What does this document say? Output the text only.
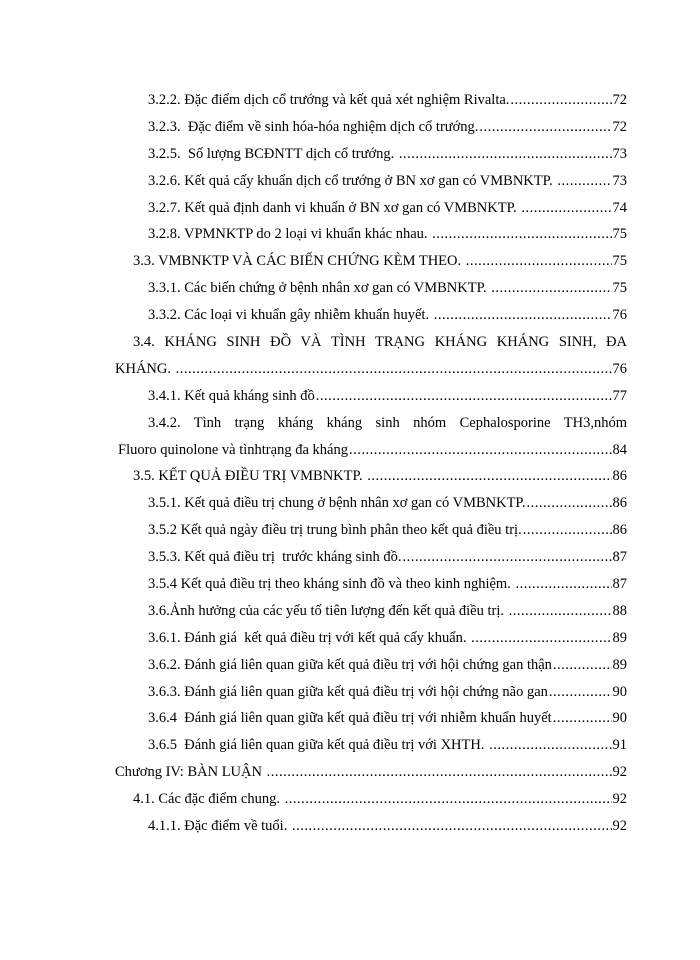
3.2.2. Đặc điểm dịch cổ trướng và kết quả xét nghiệm Rivalta. .....	72
3.2.3.  Đặc điểm về sinh hóa-hóa nghiệm dịch cổ trướng. .....	72
3.2.5.  Số lượng BCĐNTT dịch cổ trướng. .....	73
3.2.6. Kết quả cấy khuẩn dịch cổ trướng ở BN xơ gan có VMBNKTP. .....	73
3.2.7. Kết quả định danh vi khuẩn ở BN xơ gan có VMBNKTP. .....	74
3.2.8. VPMNKTP do 2 loại vi khuẩn khác nhau. .....	75
3.3. VMBNKTP VÀ CÁC BIẾN CHỨNG KÈM THEO. .....	75
3.3.1. Các biến chứng ở bệnh nhân xơ gan có VMBNKTP. .....	75
3.3.2. Các loại vi khuẩn gây nhiễm khuẩn huyết. .....	76
3.4. KHÁNG SINH ĐỒ VÀ TÌNH TRẠNG KHÁNG KHÁNG SINH, ĐA
KHÁNG. .....	76
3.4.1. Kết quả kháng sinh đồ .....	77
3.4.2. Tình trạng kháng kháng sinh nhóm Cephalosporine TH3,nhóm
Fluoro quinolone và tìnhtrạng đa kháng .....	84
3.5. KẾT QUẢ ĐIỀU TRỊ VMBNKTP. .....	86
3.5.1. Kết quả điều trị chung ở bệnh nhân xơ gan có VMBNKTP. .....	86
3.5.2 Kết quả ngày điều trị trung bình phân theo kết quả điều trị. .....	86
3.5.3. Kết quả điều trị  trước kháng sinh đồ. .....	87
3.5.4 Kết quả điều trị theo kháng sinh đồ và theo kinh nghiệm. .....	87
3.6.Ảnh hưởng của các yếu tố tiên lượng đến kết quả điều trị. .....	88
3.6.1. Đánh giá  kết quả điều trị với kết quả cấy khuẩn. .....	89
3.6.2. Đánh giá liên quan giữa kết quả điều trị với hội chứng gan thận .....	89
3.6.3. Đánh giá liên quan giữa kết quả điều trị với hội chứng não gan .....	90
3.6.4  Đánh giá liên quan giữa kết quả điều trị với nhiễm khuẩn huyết .....	90
3.6.5  Đánh giá liên quan giữa kết quả điều trị với XHTH. .....	91
Chương IV: BÀN LUẬN .....	92
4.1. Các đặc điểm chung. .....	92
4.1.1. Đặc điểm về tuổi. .....	92
